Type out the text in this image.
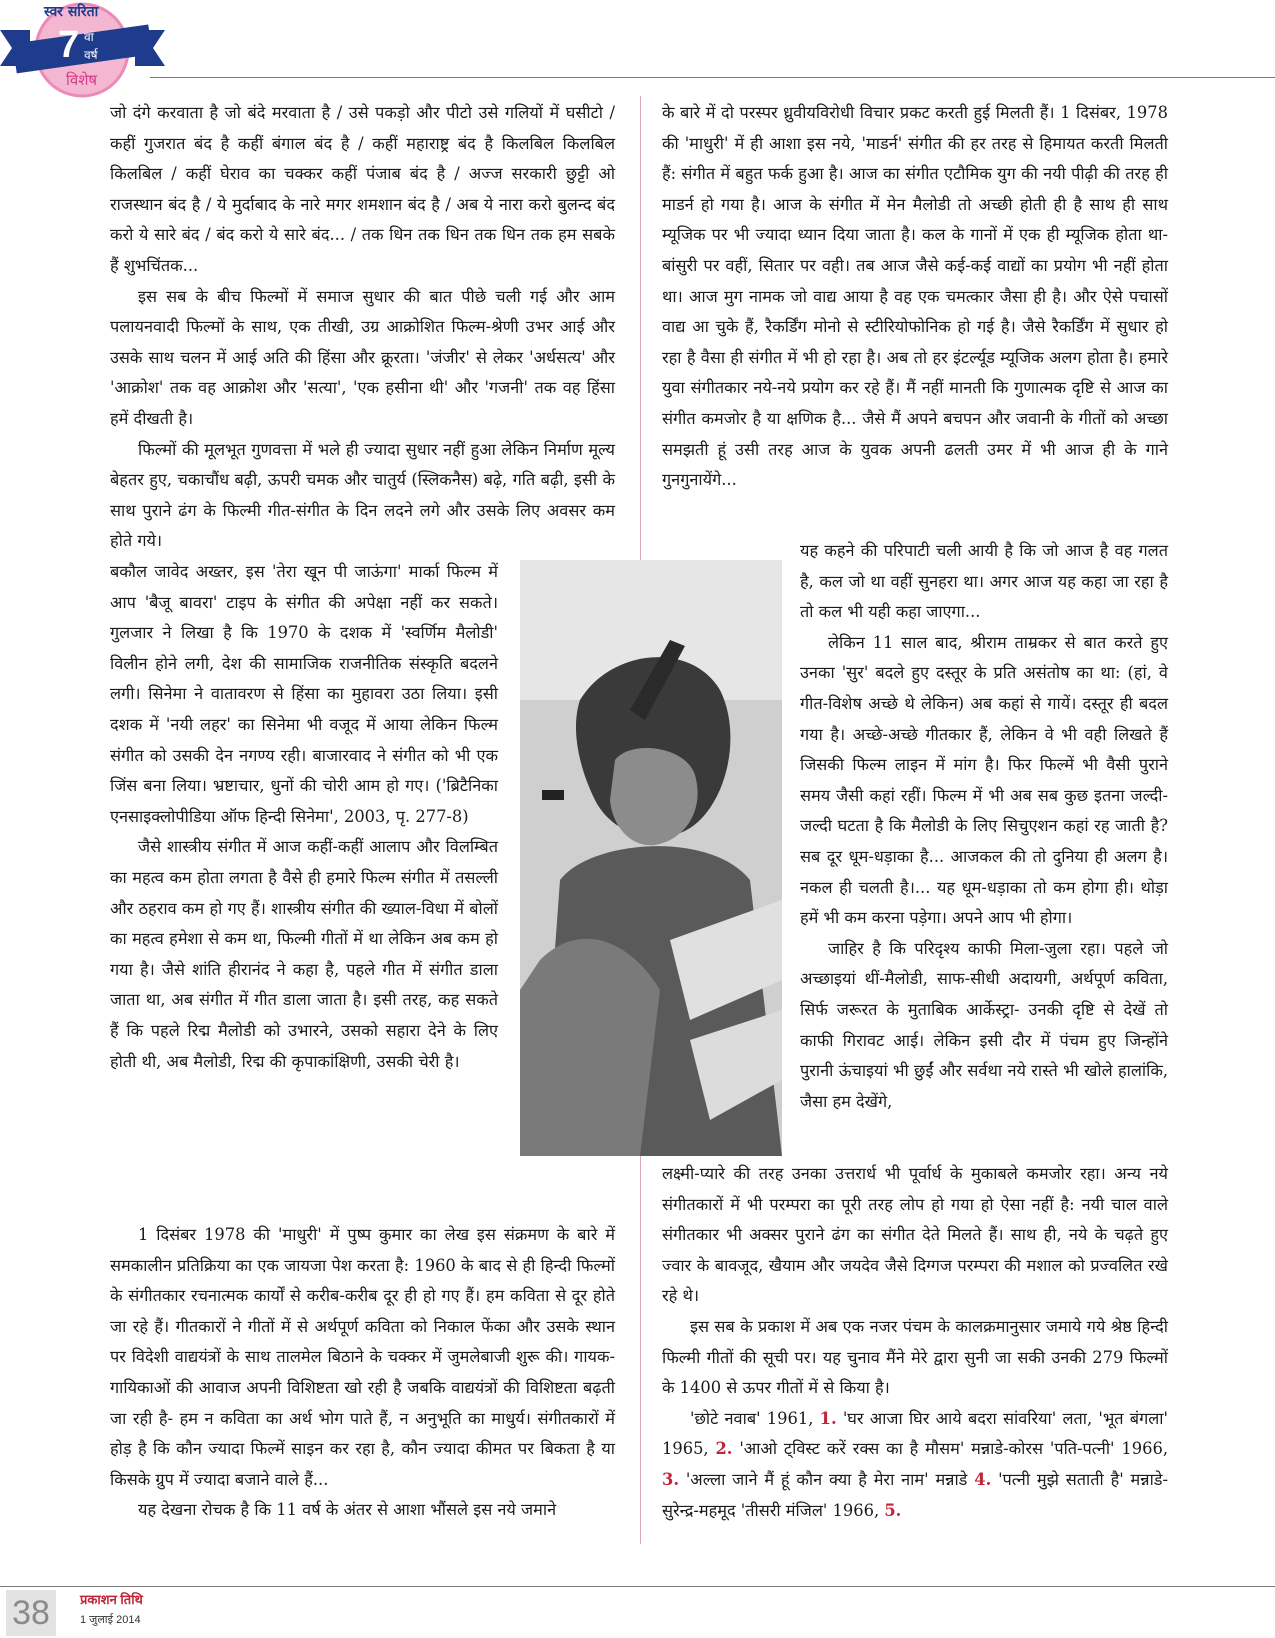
स्वर सरिता
7 वां
वर्ष
विशेष

जो दंगे करवाता है जो बंदे मरवाता है / उसे पकड़ो और पीटो उसे गलियों में घसीटो / कहीं गुजरात बंद है कहीं बंगाल बंद है / कहीं महाराष्ट्र बंद है किलबिल किलबिल किलबिल / कहीं घेराव का चक्कर कहीं पंजाब बंद है / अज्ज सरकारी छुट्टी ओ राजस्थान बंद है / ये मुर्दाबाद के नारे मगर शमशान बंद है / अब ये नारा करो बुलन्द बंद करो ये सारे बंद / बंद करो ये सारे बंद... / तक धिन तक धिन तक धिन तक हम सबके हैं शुभचिंतक...

इस सब के बीच फिल्मों में समाज सुधार की बात पीछे चली गई और आम पलायनवादी फिल्मों के साथ, एक तीखी, उग्र आक्रोशित फिल्म-श्रेणी उभर आई और उसके साथ चलन में आई अति की हिंसा और क्रूरता। 'जंजीर' से लेकर 'अर्धसत्य' और 'आक्रोश' तक वह आक्रोश और 'सत्या', 'एक हसीना थी' और 'गजनी' तक वह हिंसा हमें दीखती है।

फिल्मों की मूलभूत गुणवत्ता में भले ही ज्यादा सुधार नहीं हुआ लेकिन निर्माण मूल्य बेहतर हुए, चकाचौंध बढ़ी, ऊपरी चमक और चातुर्य (स्लिकनैस) बढ़े, गति बढ़ी, इसी के साथ पुराने ढंग के फिल्मी गीत-संगीत के दिन लदने लगे और उसके लिए अवसर कम होते गये।

बकौल जावेद अख्तर, इस 'तेरा खून पी जाऊंगा' मार्का फिल्म में आप 'बैजू बावरा' टाइप के संगीत की अपेक्षा नहीं कर सकते। गुलजार ने लिखा है कि 1970 के दशक में 'स्वर्णिम मैलोडी' विलीन होने लगी, देश की सामाजिक राजनीतिक संस्कृति बदलने लगी। सिनेमा ने वातावरण से हिंसा का मुहावरा उठा लिया। इसी दशक में 'नयी लहर' का सिनेमा भी वजूद में आया लेकिन फिल्म संगीत को उसकी देन नगण्य रही। बाजारवाद ने संगीत को भी एक जिंस बना लिया। भ्रष्टाचार, धुनों की चोरी आम हो गए। ('ब्रिटैनिका एनसाइक्लोपीडिया ऑफ हिन्दी सिनेमा', 2003, पृ. 277-8)

जैसे शास्त्रीय संगीत में आज कहीं-कहीं आलाप और विलम्बित का महत्व कम होता लगता है वैसे ही हमारे फिल्म संगीत में तसल्ली और ठहराव कम हो गए हैं। शास्त्रीय संगीत की ख्याल-विधा में बोलों का महत्व हमेशा से कम था, फिल्मी गीतों में था लेकिन अब कम हो गया है। जैसे शांति हीरानंद ने कहा है, पहले गीत में संगीत डाला जाता था, अब संगीत में गीत डाला जाता है। इसी तरह, कह सकते हैं कि पहले रिद्म मैलोडी को उभारने, उसको सहारा देने के लिए होती थी, अब मैलोडी, रिद्म की कृपाकांक्षिणी, उसकी चेरी है।

1 दिसंबर 1978 की 'माधुरी' में पुष्प कुमार का लेख इस संक्रमण के बारे में समकालीन प्रतिक्रिया का एक जायजा पेश करता है: 1960 के बाद से ही हिन्दी फिल्मों के संगीतकार रचनात्मक कार्यों से करीब-करीब दूर ही हो गए हैं। हम कविता से दूर होते जा रहे हैं। गीतकारों ने गीतों में से अर्थपूर्ण कविता को निकाल फेंका और उसके स्थान पर विदेशी वाद्ययंत्रों के साथ तालमेल बिठाने के चक्कर में जुमलेबाजी शुरू की। गायक-गायिकाओं की आवाज अपनी विशिष्टता खो रही है जबकि वाद्ययंत्रों की विशिष्टता बढ़ती जा रही है- हम न कविता का अर्थ भोग पाते हैं, न अनुभूति का माधुर्य। संगीतकारों में होड़ है कि कौन ज्यादा फिल्में साइन कर रहा है, कौन ज्यादा कीमत पर बिकता है या किसके ग्रुप में ज्यादा बजाने वाले हैं...

यह देखना रोचक है कि 11 वर्ष के अंतर से आशा भौंसले इस नये जमाने

के बारे में दो परस्पर ध्रुवीयविरोधी विचार प्रकट करती हुई मिलती हैं। 1 दिसंबर, 1978 की 'माधुरी' में ही आशा इस नये, 'माडर्न' संगीत की हर तरह से हिमायत करती मिलती हैं: संगीत में बहुत फर्क हुआ है। आज का संगीत एटौमिक युग की नयी पीढ़ी की तरह ही माडर्न हो गया है। आज के संगीत में मेन मैलोडी तो अच्छी होती ही है साथ ही साथ म्यूजिक पर भी ज्यादा ध्यान दिया जाता है। कल के गानों में एक ही म्यूजिक होता था-बांसुरी पर वहीं, सितार पर वही। तब आज जैसे कई-कई वाद्यों का प्रयोग भी नहीं होता था। आज मुग नामक जो वाद्य आया है वह एक चमत्कार जैसा ही है। और ऐसे पचासों वाद्य आ चुके हैं, रैकर्डिंग मोनो से स्टीरियोफोनिक हो गई है। जैसे रैकर्डिंग में सुधार हो रहा है वैसा ही संगीत में भी हो रहा है। अब तो हर इंटर्ल्यूड म्यूजिक अलग होता है। हमारे युवा संगीतकार नये-नये प्रयोग कर रहे हैं। मैं नहीं मानती कि गुणात्मक दृष्टि से आज का संगीत कमजोर है या क्षणिक है... जैसे मैं अपने बचपन और जवानी के गीतों को अच्छा समझती हूं उसी तरह आज के युवक अपनी ढलती उमर में भी आज ही के गाने गुनगुनायेंगे...

यह कहने की परिपाटी चली आयी है कि जो आज है वह गलत है, कल जो था वहीं सुनहरा था। अगर आज यह कहा जा रहा है तो कल भी यही कहा जाएगा...

लेकिन 11 साल बाद, श्रीराम ताम्रकर से बात करते हुए उनका 'सुर' बदले हुए दस्तूर के प्रति असंतोष का था: (हां, वे गीत-विशेष अच्छे थे लेकिन) अब कहां से गायें। दस्तूर ही बदल गया है। अच्छे-अच्छे गीतकार हैं, लेकिन वे भी वही लिखते हैं जिसकी फिल्म लाइन में मांग है। फिर फिल्में भी वैसी पुराने समय जैसी कहां रहीं। फिल्म में भी अब सब कुछ इतना जल्दी-जल्दी घटता है कि मैलोडी के लिए सिचुएशन कहां रह जाती है? सब दूर धूम-धड़ाका है... आजकल की तो दुनिया ही अलग है। नकल ही चलती है।... यह धूम-धड़ाका तो कम होगा ही। थोड़ा हमें भी कम करना पड़ेगा। अपने आप भी होगा।

जाहिर है कि परिदृश्य काफी मिला-जुला रहा। पहले जो अच्छाइयां थीं-मैलोडी, साफ-सीधी अदायगी, अर्थपूर्ण कविता, सिर्फ जरूरत के मुताबिक आर्केस्ट्रा- उनकी दृष्टि से देखें तो काफी गिरावट आई। लेकिन इसी दौर में पंचम हुए जिन्होंने पुरानी ऊंचाइयां भी छुईं और सर्वथा नये रास्ते भी खोले हालांकि, जैसा हम देखेंगे,

लक्ष्मी-प्यारे की तरह उनका उत्तरार्ध भी पूर्वार्ध के मुकाबले कमजोर रहा। अन्य नये संगीतकारों में भी परम्परा का पूरी तरह लोप हो गया हो ऐसा नहीं है: नयी चाल वाले संगीतकार भी अक्सर पुराने ढंग का संगीत देते मिलते हैं। साथ ही, नये के चढ़ते हुए ज्वार के बावजूद, खैयाम और जयदेव जैसे दिग्गज परम्परा की मशाल को प्रज्वलित रखे रहे थे।

इस सब के प्रकाश में अब एक नजर पंचम के कालक्रमानुसार जमाये गये श्रेष्ठ हिन्दी फिल्मी गीतों की सूची पर। यह चुनाव मैंने मेरे द्वारा सुनी जा सकी उनकी 279 फिल्मों के 1400 से ऊपर गीतों में से किया है।

'छोटे नवाब' 1961, 1. 'घर आजा घिर आये बदरा सांवरिया' लता, 'भूत बंगला' 1965, 2. 'आओ ट्विस्ट करें रक्स का है मौसम' मन्नाडे-कोरस 'पति-पत्नी' 1966, 3. 'अल्ला जाने मैं हूं कौन क्या है मेरा नाम' मन्नाडे 4. 'पत्नी मुझे सताती है' मन्नाडे-सुरेन्द्र-महमूद 'तीसरी मंजिल' 1966, 5.

38	प्रकाशन तिथि
1 जुलाई 2014
